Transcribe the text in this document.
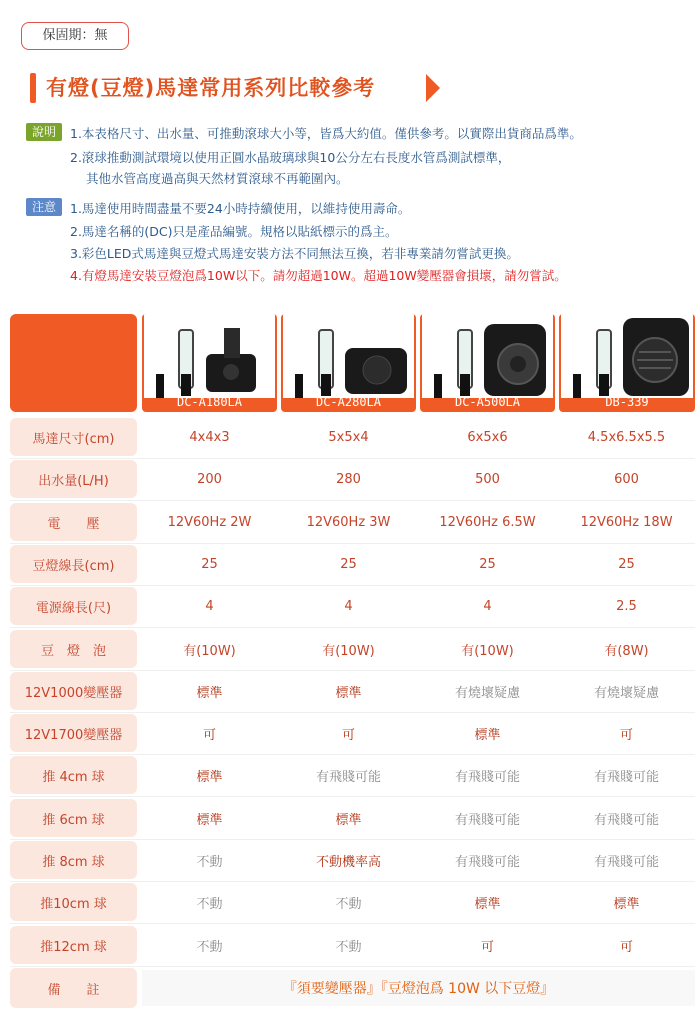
保固期：無
有燈(豆燈)馬達常用系列比較參考
說明	1.本表格尺寸、出水量、可推動滾球大小等，皆爲大約值。僅供參考。以實際出貨商品爲準。
2.滾球推動測試環境以使用正圓水晶玻璃球與10公分左右長度水管爲測試標準，
其他水管高度過高與天然材質滾球不再範圍內。
注意	1.馬達使用時間盡量不要24小時持續使用，以維持使用壽命。
2.馬達名稱的(DC)只是產品編號。規格以貼紙標示的爲主。
3.彩色LED式馬達與豆燈式馬達安裝方法不同無法互換，若非專業請勿嘗試更換。
4.有燈馬達安裝豆燈泡爲10W以下。請勿超過10W。超過10W變壓器會損壞，請勿嘗試。
DC-A180LA	DC-A280LA	DC-A500LA	DB-339
馬達尺寸(cm)	4x4x3	5x5x4	6x5x6	4.5x6.5x5.5
出水量(L/H)	200	280	500	600
電　　壓	12V60Hz 2W	12V60Hz 3W	12V60Hz 6.5W	12V60Hz 18W
豆燈線長(cm)	25	25	25	25
電源線長(尺)	4	4	4	2.5
豆　燈　泡	有(10W)	有(10W)	有(10W)	有(8W)
12V1000變壓器	標準	標準	有燒壞疑慮	有燒壞疑慮
12V1700變壓器	可	可	標準	可
推 4cm 球	標準	有飛賤可能	有飛賤可能	有飛賤可能
推 6cm 球	標準	標準	有飛賤可能	有飛賤可能
推 8cm 球	不動	不動機率高	有飛賤可能	有飛賤可能
推10cm 球	不動	不動	標準	標準
推12cm 球	不動	不動	可	可
備　　註	『須要變壓器』『豆燈泡爲 10W 以下豆燈』
